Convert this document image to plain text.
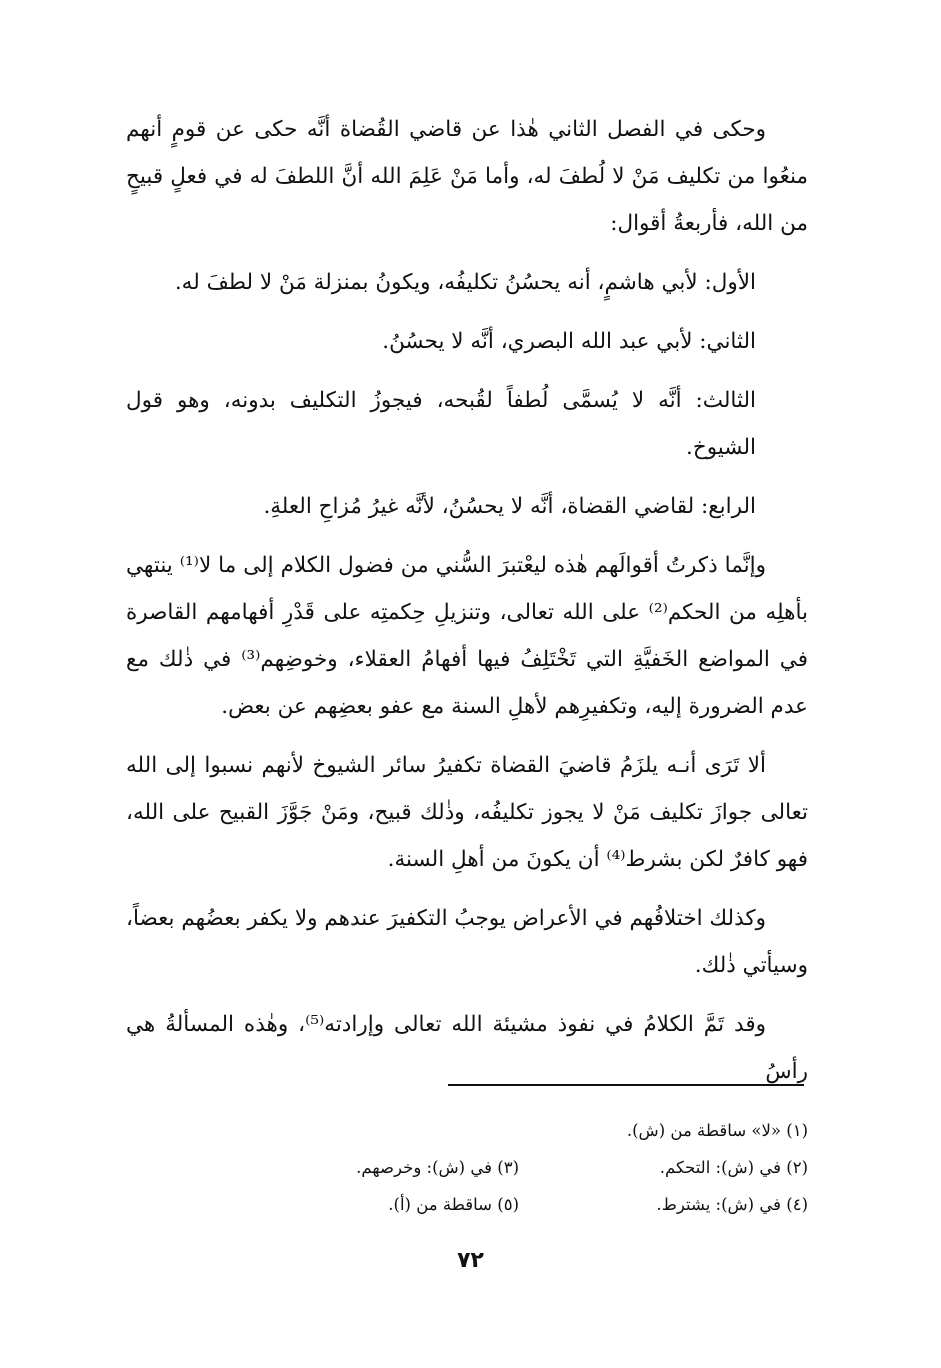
وحكى في الفصل الثاني هٰذا عن قاضي القُضاة أنَّه حكى عن قومٍ أنهم منعُوا من تكليف مَنْ لا لُطفَ له، وأما مَنْ عَلِمَ الله أنَّ اللطفَ له في فعلٍ قبيحٍ من الله، فأربعةُ أقوال:

الأول: لأبي هاشمٍ، أنه يحسُنُ تكليفُه، ويكونُ بمنزلة مَنْ لا لطفَ له.

الثاني: لأبي عبد الله البصري، أنَّه لا يحسُنُ.

الثالث: أنَّه لا يُسمَّى لُطفاً لقُبحه، فيجوزُ التكليف بدونه، وهو قول الشيوخ.

الرابع: لقاضي القضاة، أنَّه لا يحسُنُ، لأنَّه غيرُ مُزاحِ العلةِ.

وإنَّما ذكرتُ أقوالَهم هٰذه ليعْتبرَ السُّني من فضول الكلام إلى ما لا⁽¹⁾ ينتهي بأهلِه من الحكم⁽²⁾ على الله تعالى، وتنزيلِ حِكمتِه على قَدْرِ أفهامهم القاصرة في المواضع الخَفيَّةِ التي تَخْتَلِفُ فيها أفهامُ العقلاء، وخوضِهم⁽³⁾ في ذٰلك مع عدم الضرورة إليه، وتكفيرِهم لأهلِ السنة مع عفو بعضِهم عن بعض.

ألا تَرَى أنـه يلزَمُ قاضيَ القضاة تكفيرُ سائر الشيوخ لأنهم نسبوا إلى الله تعالى جوازَ تكليف مَنْ لا يجوز تكليفُه، وذٰلك قبيح، ومَنْ جَوَّزَ القبيح على الله، فهو كافرٌ لكن بشرط⁽⁴⁾ أن يكونَ من أهلِ السنة.

وكذلك اختلافُهم في الأعراض يوجبُ التكفيرَ عندهم ولا يكفر بعضُهم بعضاً، وسيأتي ذٰلك.

وقد تَمَّ الكلامُ في نفوذ مشيئة الله تعالى وإرادته⁽⁵⁾، وهٰذه المسألةُ هي رأسُ

(١) «لا» ساقطة من (ش).
(٢) في (ش): التحكم.
(٣) في (ش): وخرصهم.
(٤) في (ش): يشترط.
(٥) ساقطة من (أ).
٧٢
